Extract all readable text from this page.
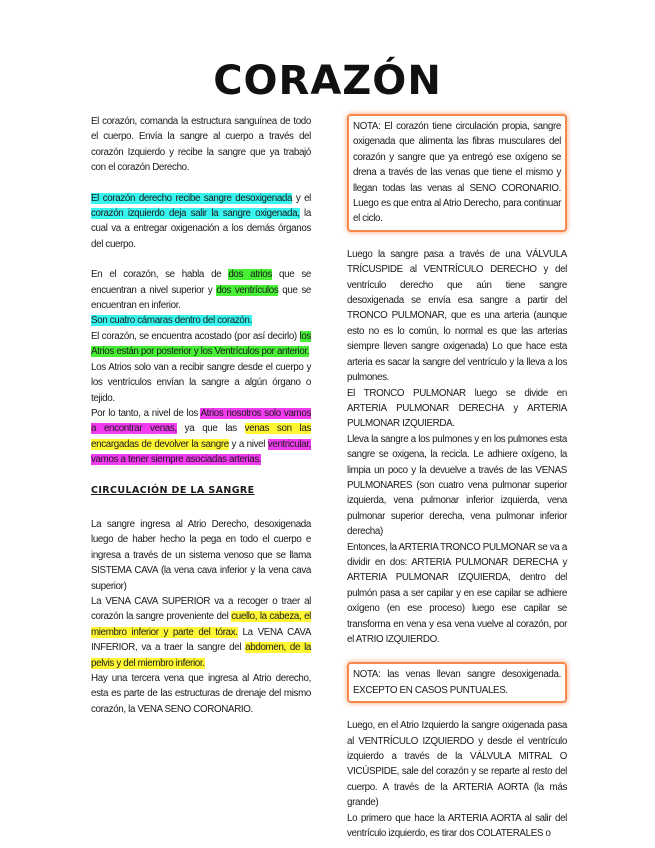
CORAZÓN

El corazón, comanda la estructura sanguínea de todo el cuerpo. Envía la sangre al cuerpo a través del corazón Izquierdo y recibe la sangre que ya trabajó con el corazón Derecho.

El corazón derecho recibe sangre desoxigenada y el corazón izquierdo deja salir la sangre oxigenada, la cual va a entregar oxigenación a los demás órganos del cuerpo.

En el corazón, se habla de dos atrios que se encuentran a nivel superior y dos ventrículos que se encuentran en inferior.

Son cuatro cámaras dentro del corazón.

El corazón, se encuentra acostado (por así decirlo) los Atrios están por posterior y los Ventrículos por anterior.

Los Atrios solo van a recibir sangre desde el cuerpo y los ventrículos envían la sangre a algún órgano o tejido.

Por lo tanto, a nivel de los Atrios nosotros solo vamos a encontrar venas, ya que las venas son las encargadas de devolver la sangre y a nivel ventricular, vamos a tener siempre asociadas arterias.

CIRCULACIÓN DE LA SANGRE

La sangre ingresa al Atrio Derecho, desoxigenada luego de haber hecho la pega en todo el cuerpo e ingresa a través de un sistema venoso que se llama SISTEMA CAVA (la vena cava inferior y la vena cava superior)

La VENA CAVA SUPERIOR va a recoger o traer al corazón la sangre proveniente del cuello, la cabeza, el miembro inferior y parte del tórax. La VENA CAVA INFERIOR, va a traer la sangre del abdomen, de la pelvis y del miembro inferior.

Hay una tercera vena que ingresa al Atrio derecho, esta es parte de las estructuras de drenaje del mismo corazón, la VENA SENO CORONARIO.

NOTA: El corazón tiene circulación propia, sangre oxigenada que alimenta las fibras musculares del corazón y sangre que ya entregó ese oxígeno se drena a través de las venas que tiene el mismo y llegan todas las venas al SENO CORONARIO. Luego es que entra al Atrio Derecho, para continuar el ciclo.

Luego la sangre pasa a través de una VÁLVULA TRÍCUSPIDE al VENTRÍCULO DERECHO y del ventrículo derecho que aún tiene sangre desoxigenada se envía esa sangre a partir del TRONCO PULMONAR, que es una arteria (aunque esto no es lo común, lo normal es que las arterias siempre lleven sangre oxigenada) Lo que hace esta arteria es sacar la sangre del ventrículo y la lleva a los pulmones.

El TRONCO PULMONAR luego se divide en ARTERIA PULMONAR DERECHA y ARTERIA PULMONAR IZQUIERDA.

Lleva la sangre a los pulmones y en los pulmones esta sangre se oxigena, la recicla. Le adhiere oxígeno, la limpia un poco y la devuelve a través de las VENAS PULMONARES (son cuatro vena pulmonar superior izquierda, vena pulmonar inferior izquierda, vena pulmonar superior derecha, vena pulmonar inferior derecha)

Entonces, la ARTERIA TRONCO PULMONAR se va a dividir en dos: ARTERIA PULMONAR DERECHA y ARTERIA PULMONAR IZQUIERDA, dentro del pulmón pasa a ser capilar y en ese capilar se adhiere oxígeno (en ese proceso) luego ese capilar se transforma en vena y esa vena vuelve al corazón, por el ATRIO IZQUIERDO.

NOTA: las venas llevan sangre desoxigenada. EXCEPTO EN CASOS PUNTUALES.

Luego, en el Atrio Izquierdo la sangre oxigenada pasa al VENTRÍCULO IZQUIERDO y desde el ventrículo izquierdo a través de la VÁLVULA MITRAL O VICÚSPIDE, sale del corazón y se reparte al resto del cuerpo. A través de la ARTERIA AORTA (la más grande)

Lo primero que hace la ARTERIA AORTA al salir del ventrículo izquierdo, es tirar dos COLATERALES o
